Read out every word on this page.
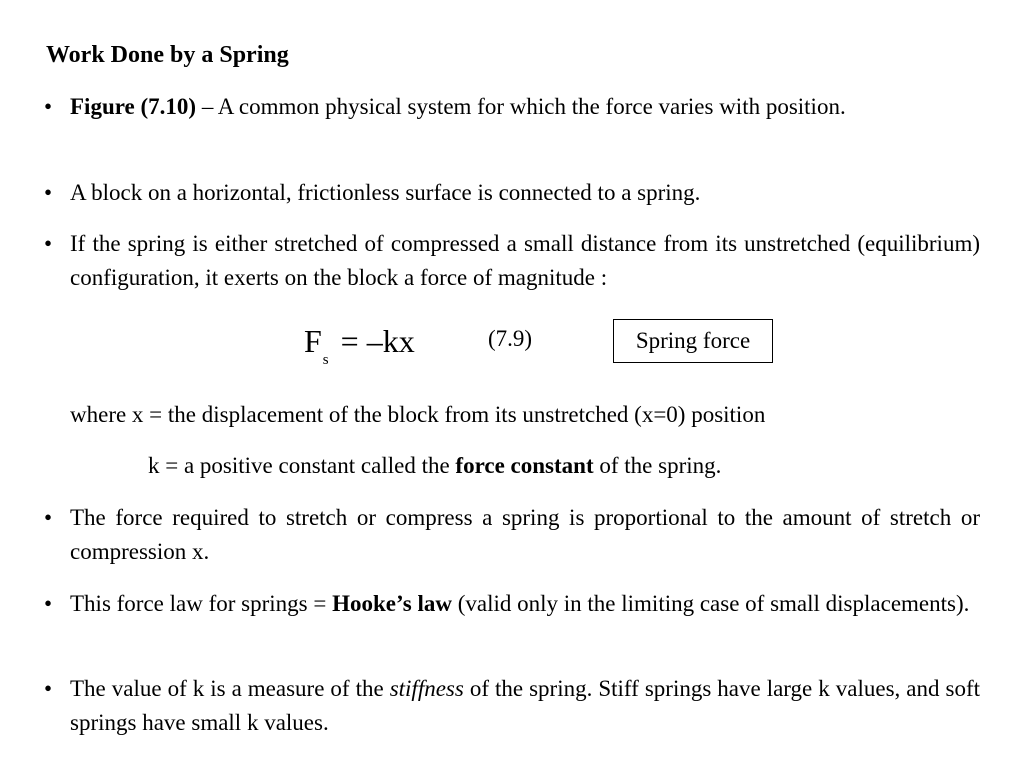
Work Done by a Spring
• Figure (7.10) – A common physical system for which the force varies with position.
• A block on a horizontal, frictionless surface is connected to a spring.
• If the spring is either stretched of compressed a small distance from its unstretched (equilibrium) configuration, it exerts on the block a force of magnitude :
$F_s= -kx$	(7.9)	Spring force
where x = the displacement of the block from its unstretched (x=0) position
k = a positive constant called the force constant of the spring.
• The force required to stretch or compress a spring is proportional to the amount of stretch or compression x.
• This force law for springs = Hooke’s law (valid only in the limiting case of small displacements).
• The value of k is a measure of the stiffness of the spring. Stiff springs have large k values, and soft springs have small k values.
